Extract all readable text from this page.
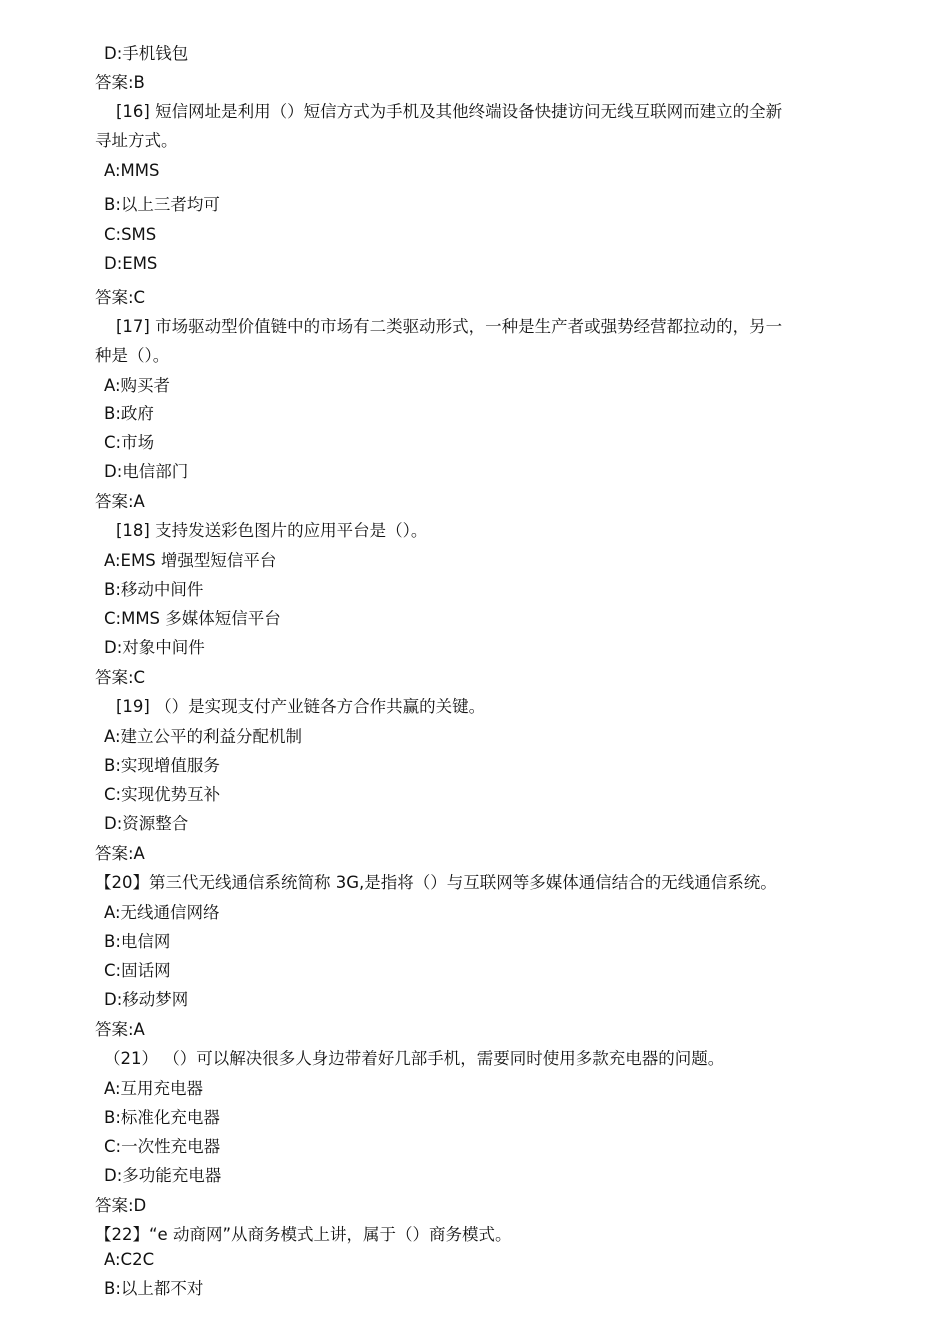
D:手机钱包
答案:B
[16] 短信网址是利用（）短信方式为手机及其他终端设备快捷访问无线互联网而建立的全新
寻址方式。
A:MMS
B:以上三者均可
C:SMS
D:EMS
答案:C
[17] 市场驱动型价值链中的市场有二类驱动形式，一种是生产者或强势经营都拉动的，另一
种是（）。
A:购买者
B:政府
C:市场
D:电信部门
答案:A
[18] 支持发送彩色图片的应用平台是（）。
A:EMS 增强型短信平台
B:移动中间件
C:MMS 多媒体短信平台
D:对象中间件
答案:C
[19] （）是实现支付产业链各方合作共赢的关键。
A:建立公平的利益分配机制
B:实现增值服务
C:实现优势互补
D:资源整合
答案:A
【20】第三代无线通信系统简称 3G,是指将（）与互联网等多媒体通信结合的无线通信系统。
A:无线通信网络
B:电信网
C:固话网
D:移动梦网
答案:A
（21） （）可以解决很多人身边带着好几部手机，需要同时使用多款充电器的问题。
A:互用充电器
B:标准化充电器
C:一次性充电器
D:多功能充电器
答案:D
【22】“e 动商网”从商务模式上讲，属于（）商务模式。
A:C2C
B:以上都不对
